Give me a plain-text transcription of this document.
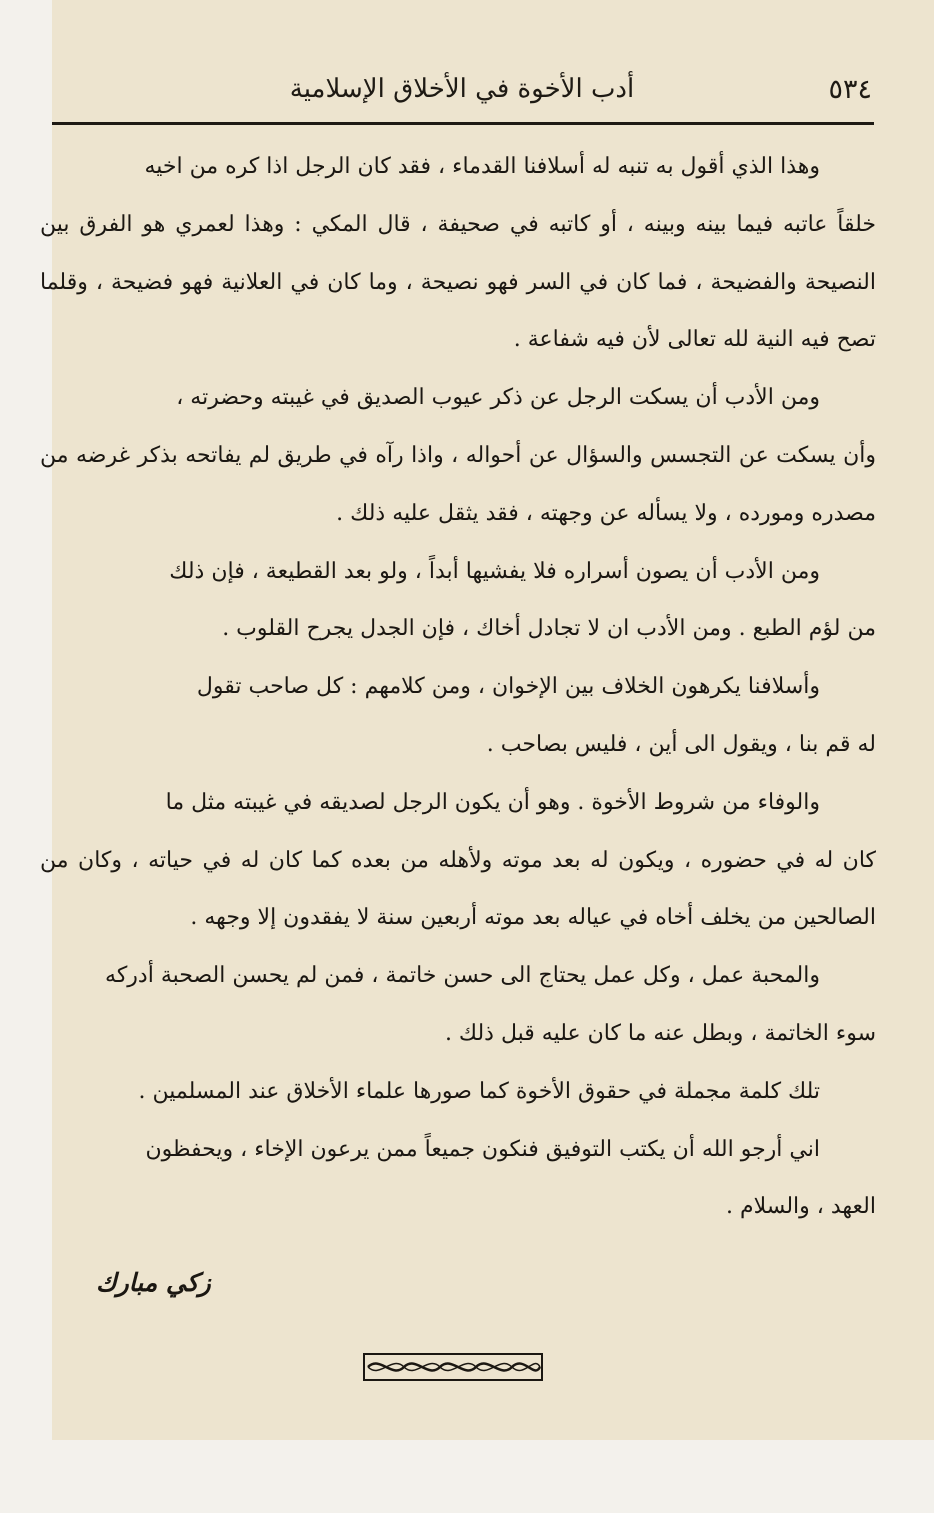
٥٣٤
أدب الأخوة في الأخلاق الإسلامية

وهذا الذي أقول به تنبه له أسلافنا القدماء ، فقد كان الرجل اذا كره من اخيه
خلقاً عاتبه فيما بينه وبينه ، أو كاتبه في صحيفة ، قال المكي : وهذا لعمري هو الفرق بين النصيحة والفضيحة ، فما كان في السر فهو نصيحة ، وما كان في العلانية فهو فضيحة ، وقلما تصح فيه النية لله تعالى لأن فيه شفاعة .

ومن الأدب أن يسكت الرجل عن ذكر عيوب الصديق في غيبته وحضرته ،
وأن يسكت عن التجسس والسؤال عن أحواله ، واذا رآه في طريق لم يفاتحه بذكر غرضه من مصدره ومورده ، ولا يسأله عن وجهته ، فقد يثقل عليه ذلك .

ومن الأدب أن يصون أسراره فلا يفشيها أبداً ، ولو بعد القطيعة ، فإن ذلك
من لؤم الطبع . ومن الأدب ان لا تجادل أخاك ، فإن الجدل يجرح القلوب .

وأسلافنا يكرهون الخلاف بين الإخوان ، ومن كلامهم : كل صاحب تقول
له قم بنا ، ويقول الى أين ، فليس بصاحب .

والوفاء من شروط الأخوة . وهو أن يكون الرجل لصديقه في غيبته مثل ما
كان له في حضوره ، ويكون له بعد موته ولأهله من بعده كما كان له في حياته ، وكان من الصالحين من يخلف أخاه في عياله بعد موته أربعين سنة لا يفقدون إلا وجهه .

والمحبة عمل ، وكل عمل يحتاج الى حسن خاتمة ، فمن لم يحسن الصحبة أدركه
سوء الخاتمة ، وبطل عنه ما كان عليه قبل ذلك .

تلك كلمة مجملة في حقوق الأخوة كما صورها علماء الأخلاق عند المسلمين .

اني أرجو الله أن يكتب التوفيق فنكون جميعاً ممن يرعون الإخاء ، ويحفظون
العهد ، والسلام .

زكي مبارك
